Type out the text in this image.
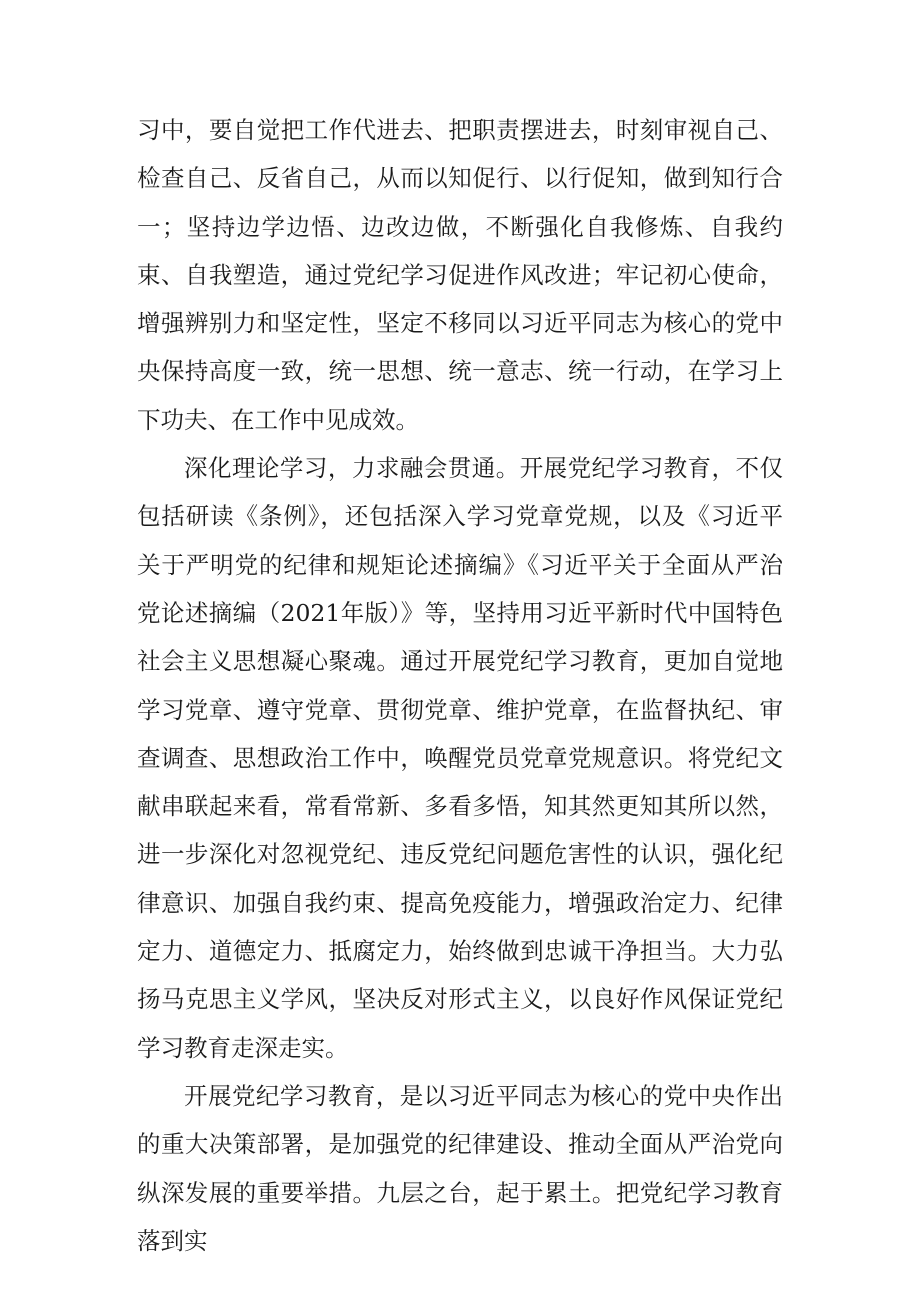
习中，要自觉把工作代进去、把职责摆进去，时刻审视自己、检查自己、反省自己，从而以知促行、以行促知，做到知行合一；坚持边学边悟、边改边做，不断强化自我修炼、自我约束、自我塑造，通过党纪学习促进作风改进；牢记初心使命，增强辨别力和坚定性，坚定不移同以习近平同志为核心的党中央保持高度一致，统一思想、统一意志、统一行动，在学习上下功夫、在工作中见成效。

深化理论学习，力求融会贯通。开展党纪学习教育，不仅包括研读《条例》，还包括深入学习党章党规，以及《习近平关于严明党的纪律和规矩论述摘编》《习近平关于全面从严治党论述摘编（2021年版）》等，坚持用习近平新时代中国特色社会主义思想凝心聚魂。通过开展党纪学习教育，更加自觉地学习党章、遵守党章、贯彻党章、维护党章，在监督执纪、审查调查、思想政治工作中，唤醒党员党章党规意识。将党纪文献串联起来看，常看常新、多看多悟，知其然更知其所以然，进一步深化对忽视党纪、违反党纪问题危害性的认识，强化纪律意识、加强自我约束、提高免疫能力，增强政治定力、纪律定力、道德定力、抵腐定力，始终做到忠诚干净担当。大力弘扬马克思主义学风，坚决反对形式主义，以良好作风保证党纪学习教育走深走实。

开展党纪学习教育，是以习近平同志为核心的党中央作出的重大决策部署，是加强党的纪律建设、推动全面从严治党向纵深发展的重要举措。九层之台，起于累土。把党纪学习教育落到实
